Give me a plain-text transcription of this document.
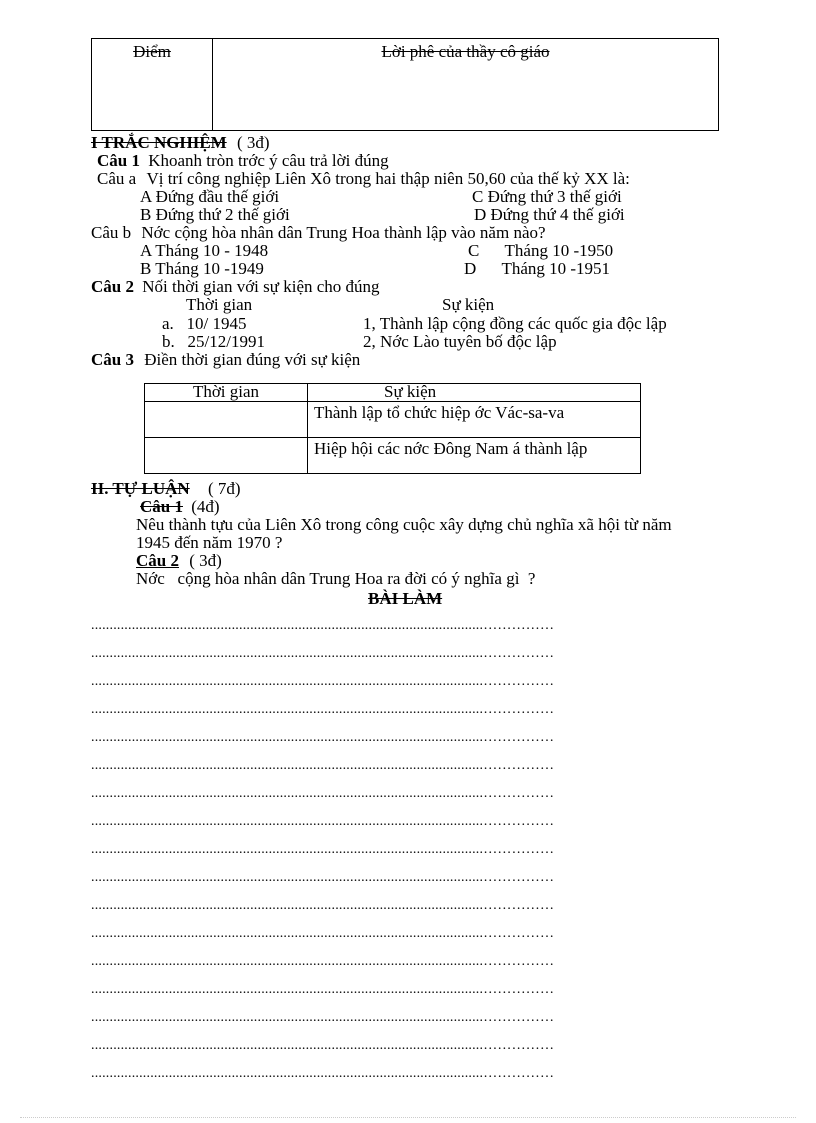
Điểm	Lời phê của thầy cô giáo
I TRẮC NGHIỆM ( 3đ)
Câu 1 Khoanh tròn trớc ý câu trả lời đúng
Câu a Vị trí công nghiệp Liên Xô trong hai thập niên 50,60 của thế kỷ XX là:
A Đứng đầu thế giới	C Đứng thứ 3 thế giới
B Đứng thứ 2 thế giới	D Đứng thứ 4 thế giới
Câu b Nớc cộng hòa nhân dân Trung Hoa thành lập vào năm nào?
A Tháng 10 - 1948	C      Tháng 10 -1950
B Tháng 10 -1949	D      Tháng 10 -1951
Câu 2 Nối thời gian với sự kiện cho đúng
Thời gian	Sự kiện
a.   10/ 1945	1, Thành lập cộng đồng các quốc gia độc lập
b.   25/12/1991	2, Nớc Lào tuyên bố độc lập
Câu 3 Điền thời gian đúng với sự kiện
Thời gian	Sự kiện
	Thành lập tổ chức hiệp ớc Vác-sa-va
	Hiệp hội các nớc Đông Nam á thành lập
II. TỰ LUẬN ( 7đ)
Câu 1 (4đ)
Nêu thành tựu của Liên Xô trong công cuộc xây dựng chủ nghĩa xã hội từ năm
1945 đến năm 1970 ?
Câu 2 ( 3đ)
Nớc   cộng hòa nhân dân Trung Hoa ra đời có ý nghĩa gì  ?
BÀI LÀM
..........................................................................................................……………
..........................................................................................................……………
..........................................................................................................……………
..........................................................................................................……………
..........................................................................................................……………
..........................................................................................................……………
..........................................................................................................……………
..........................................................................................................……………
..........................................................................................................……………
..........................................................................................................……………
..........................................................................................................……………
..........................................................................................................……………
..........................................................................................................……………
..........................................................................................................……………
..........................................................................................................……………
..........................................................................................................……………
..........................................................................................................……………
